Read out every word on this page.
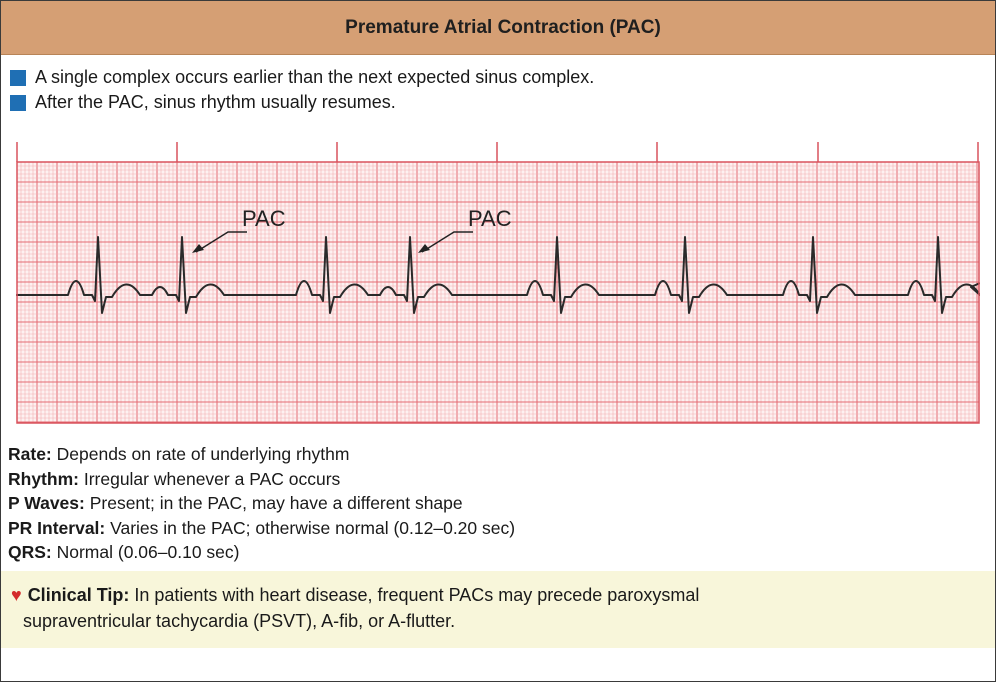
Premature Atrial Contraction (PAC)
A single complex occurs earlier than the next expected sinus complex.
After the PAC, sinus rhythm usually resumes.
PAC	PAC
Rate: Depends on rate of underlying rhythm
Rhythm: Irregular whenever a PAC occurs
P Waves: Present; in the PAC, may have a different shape
PR Interval: Varies in the PAC; otherwise normal (0.12–0.20 sec)
QRS: Normal (0.06–0.10 sec)
♥ Clinical Tip: In patients with heart disease, frequent PACs may precede paroxysmal
supraventricular tachycardia (PSVT), A-fib, or A-flutter.
